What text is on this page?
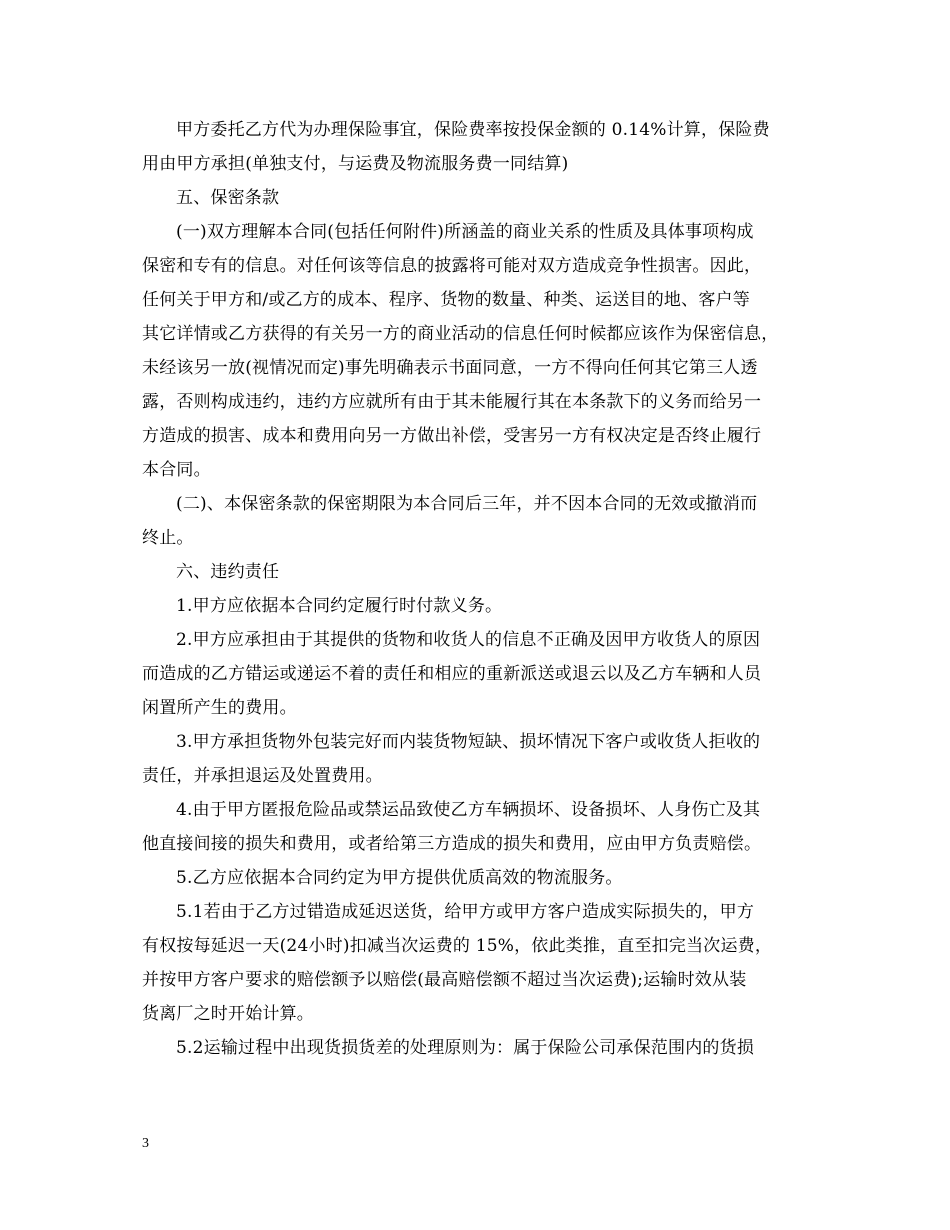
甲方委托乙方代为办理保险事宜，保险费率按投保金额的 0.14%计算，保险费
用由甲方承担(单独支付，与运费及物流服务费一同结算)
五、保密条款
(一)双方理解本合同(包括任何附件)所涵盖的商业关系的性质及具体事项构成
保密和专有的信息。对任何该等信息的披露将可能对双方造成竞争性损害。因此，
任何关于甲方和/或乙方的成本、程序、货物的数量、种类、运送目的地、客户等
其它详情或乙方获得的有关另一方的商业活动的信息任何时候都应该作为保密信息，
未经该另一放(视情况而定)事先明确表示书面同意，一方不得向任何其它第三人透
露，否则构成违约，违约方应就所有由于其未能履行其在本条款下的义务而给另一
方造成的损害、成本和费用向另一方做出补偿，受害另一方有权决定是否终止履行
本合同。
(二)、本保密条款的保密期限为本合同后三年，并不因本合同的无效或撤消而
终止。
六、违约责任
1.甲方应依据本合同约定履行时付款义务。
2.甲方应承担由于其提供的货物和收货人的信息不正确及因甲方收货人的原因
而造成的乙方错运或递运不着的责任和相应的重新派送或退云以及乙方车辆和人员
闲置所产生的费用。
3.甲方承担货物外包装完好而内装货物短缺、损坏情况下客户或收货人拒收的
责任，并承担退运及处置费用。
4.由于甲方匿报危险品或禁运品致使乙方车辆损坏、设备损坏、人身伤亡及其
他直接间接的损失和费用，或者给第三方造成的损失和费用，应由甲方负责赔偿。
5.乙方应依据本合同约定为甲方提供优质高效的物流服务。
5.1若由于乙方过错造成延迟送货，给甲方或甲方客户造成实际损失的，甲方
有权按每延迟一天(24小时)扣减当次运费的 15%，依此类推，直至扣完当次运费，
并按甲方客户要求的赔偿额予以赔偿(最高赔偿额不超过当次运费);运输时效从装
货离厂之时开始计算。
5.2运输过程中出现货损货差的处理原则为：属于保险公司承保范围内的货损
3
